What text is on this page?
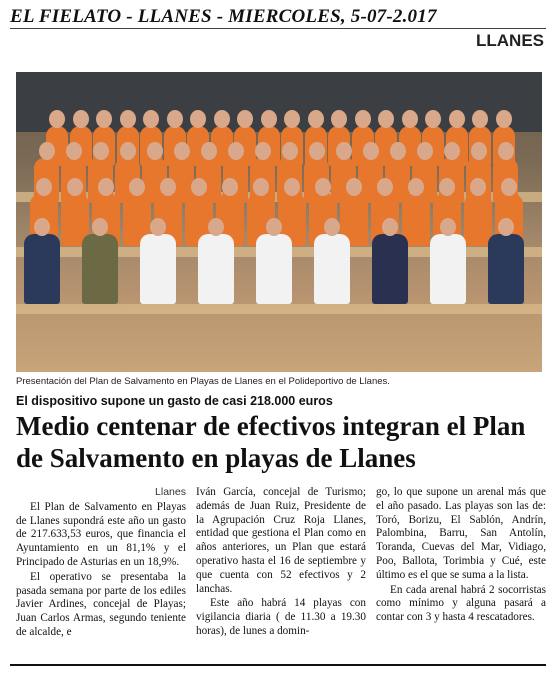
EL FIELATO - LLANES - MIERCOLES, 5-07-2.017
LLANES
Presentación del Plan de Salvamento en Playas de Llanes en el Polideportivo de Llanes.
El dispositivo supone un gasto de casi 218.000 euros
Medio centenar de efectivos integran el Plan de Salvamento en playas de Llanes

Llanes

El Plan de Salvamento en Playas de Llanes supondrá este año un gasto de 217.633,53 euros, que financia el Ayuntamiento en un 81,1% y el Principado de Asturias en un 18,9%.

El operativo se presentaba la pasada semana por parte de los ediles Javier Ardines, concejal de Playas; Juan Carlos Armas, segundo teniente de alcalde, e

Iván García, concejal de Turismo; además de Juan Ruiz, Presidente de la Agrupación Cruz Roja Llanes, entidad que gestiona el Plan como en años anteriores, un Plan que estará operativo hasta el 16 de septiembre y que cuenta con 52 efectivos y 2 lanchas.

Este año habrá 14 playas con vigilancia diaria ( de 11.30 a 19.30 horas), de lunes a domin-

go, lo que supone un arenal más que el año pasado. Las playas son las de: Toró, Borizu, El Sablón, Andrín, Palombina, Barru, San Antolín, Toranda, Cuevas del Mar, Vidiago, Poo, Ballota, Torimbia y Cué, este último es el que se suma a la lista.

En cada arenal habrá 2 socorristas como mínimo y alguna pasará a contar con 3 y hasta 4 rescatadores.
